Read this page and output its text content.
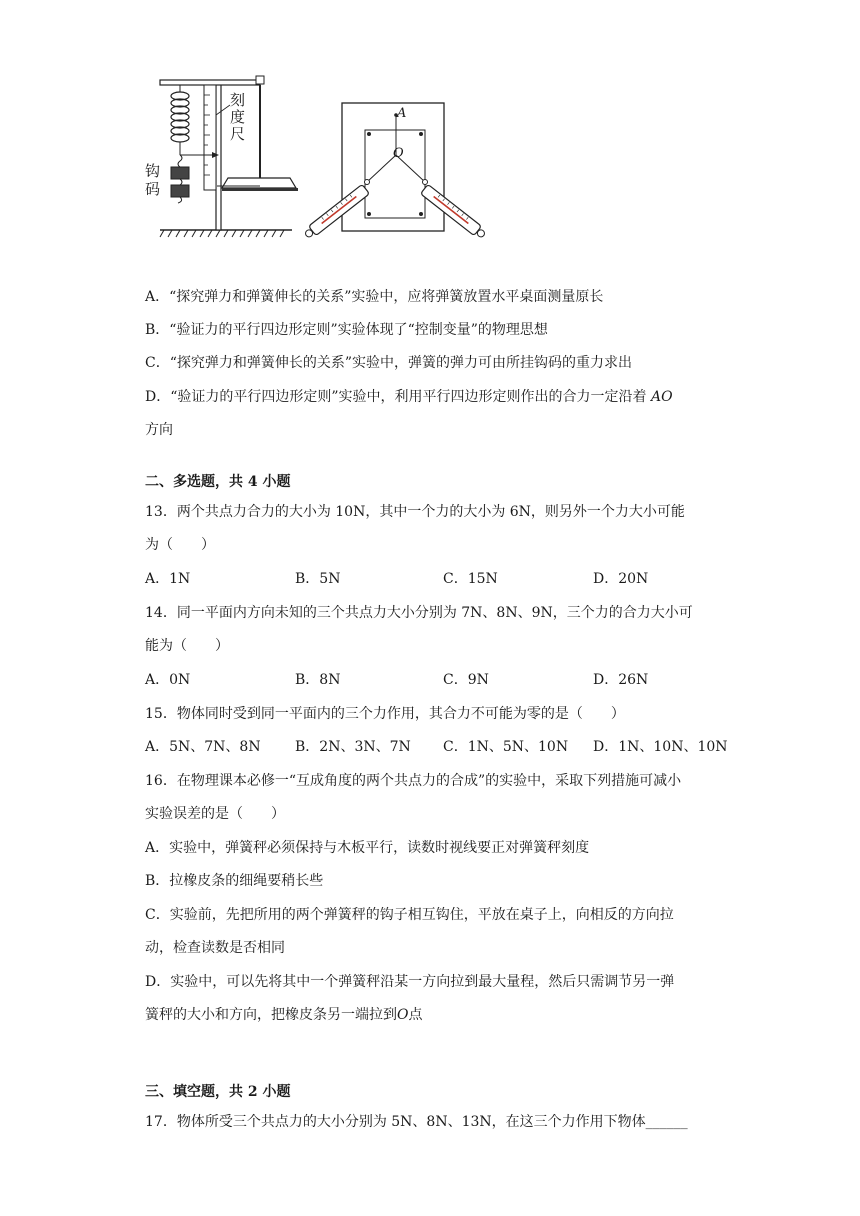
刻度尺
钩码
A
O
A．“探究弹力和弹簧伸长的关系”实验中，应将弹簧放置水平桌面测量原长
B．“验证力的平行四边形定则”实验体现了“控制变量”的物理思想
C．“探究弹力和弹簧伸长的关系”实验中，弹簧的弹力可由所挂钩码的重力求出
D．“验证力的平行四边形定则”实验中，利用平行四边形定则作出的合力一定沿着 AO
方向
二、多选题，共 4 小题
13．两个共点力合力的大小为 10N，其中一个力的大小为 6N，则另外一个力大小可能
为（　　）
A．1N	B．5N	C．15N	D．20N
14．同一平面内方向未知的三个共点力大小分别为 7N、8N、9N，三个力的合力大小可
能为（　　）
A．0N	B．8N	C．9N	D．26N
15．物体同时受到同一平面内的三个力作用，其合力不可能为零的是（　　）
A．5N、7N、8N B．2N、3N、7N C．1N、5N、10N D．1N、10N、10N
16．在物理课本必修一“互成角度的两个共点力的合成”的实验中，采取下列措施可减小
实验误差的是（　　）
A．实验中，弹簧秤必须保持与木板平行，读数时视线要正对弹簧秤刻度
B．拉橡皮条的细绳要稍长些
C．实验前，先把所用的两个弹簧秤的钩子相互钩住，平放在桌子上，向相反的方向拉
动，检查读数是否相同
D．实验中，可以先将其中一个弹簧秤沿某一方向拉到最大量程，然后只需调节另一弹
簧秤的大小和方向，把橡皮条另一端拉到O点
三、填空题，共 2 小题
17．物体所受三个共点力的大小分别为 5N、8N、13N，在这三个力作用下物体______
